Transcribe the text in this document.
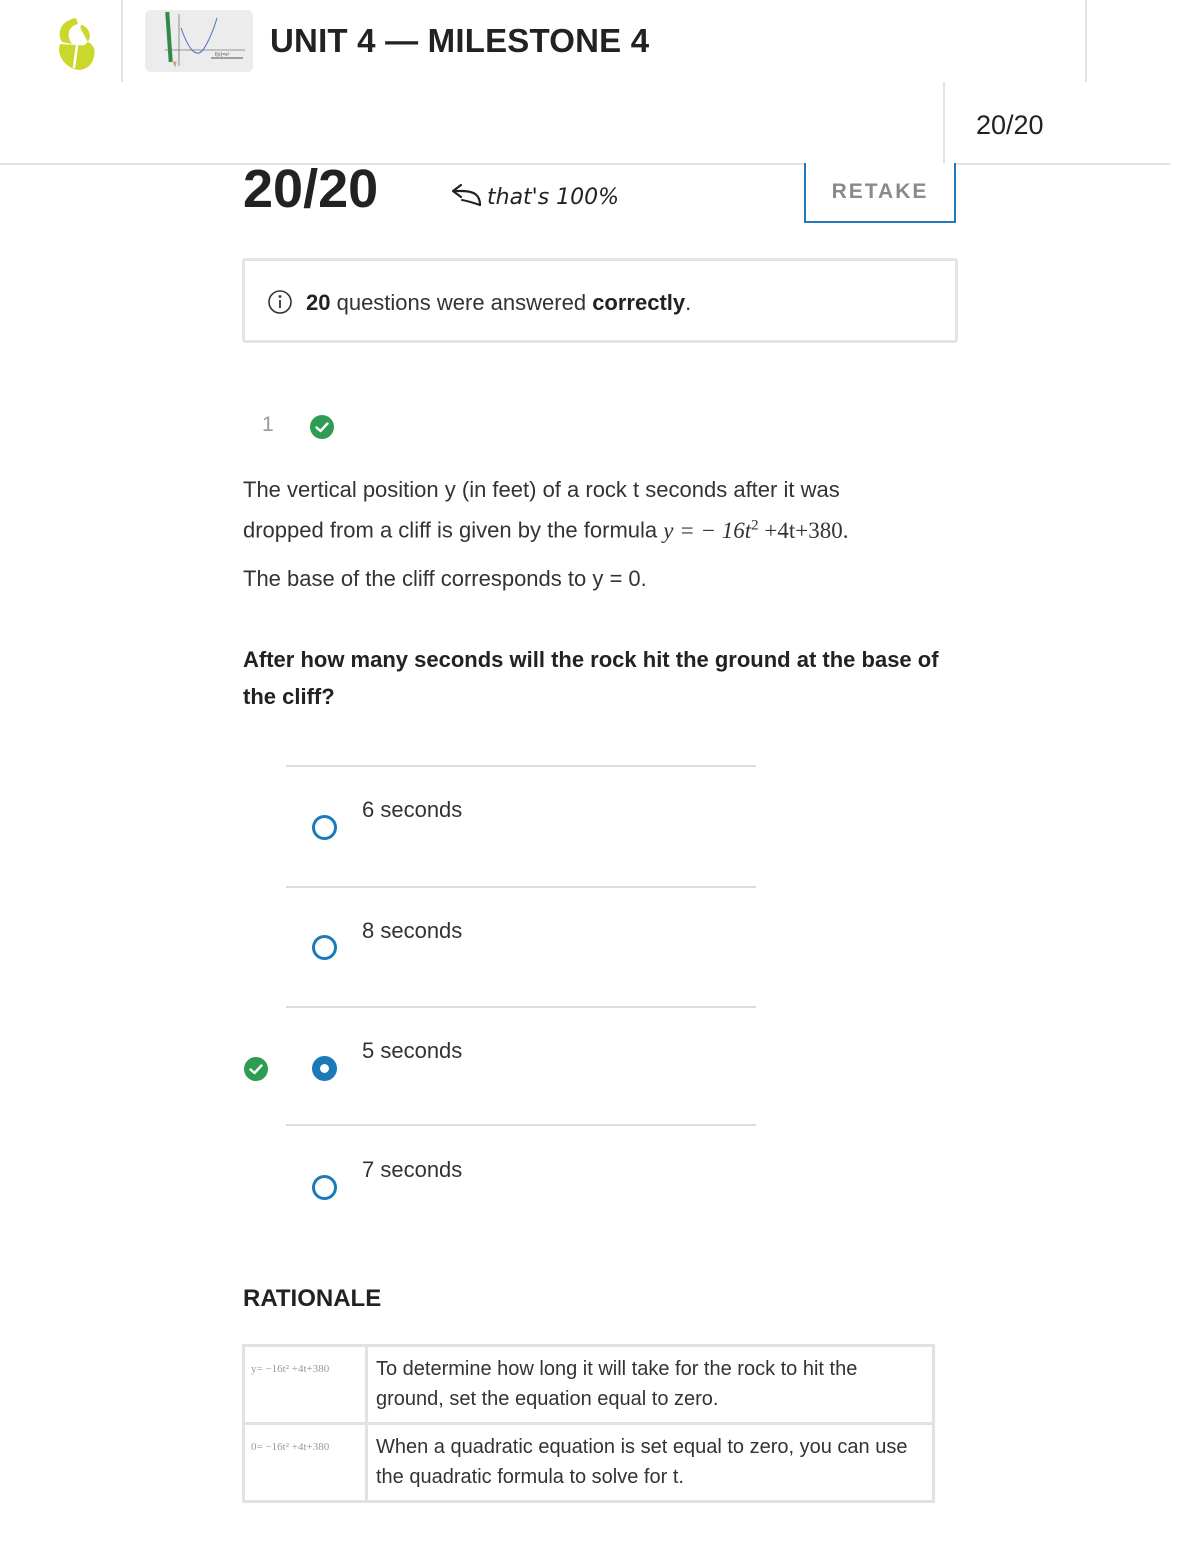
f(x)=x² UNIT 4 — MILESTONE 4
20/20
20/20	that's 100%	RETAKE
20 questions were answered correctly.
1
The vertical position y (in feet) of a rock t seconds after it was
dropped from a cliff is given by the formula y = − $16t^2 +4t+380$.
The base of the cliff corresponds to y = 0.
After how many seconds will the rock hit the ground at the base of the cliff?
6 seconds
8 seconds
5 seconds
7 seconds
RATIONALE
y= −16t² +4t+380	To determine how long it will take for the rock to hit the ground, set the equation equal to zero.
0= −16t² +4t+380	When a quadratic equation is set equal to zero, you can use the quadratic formula to solve for t.
